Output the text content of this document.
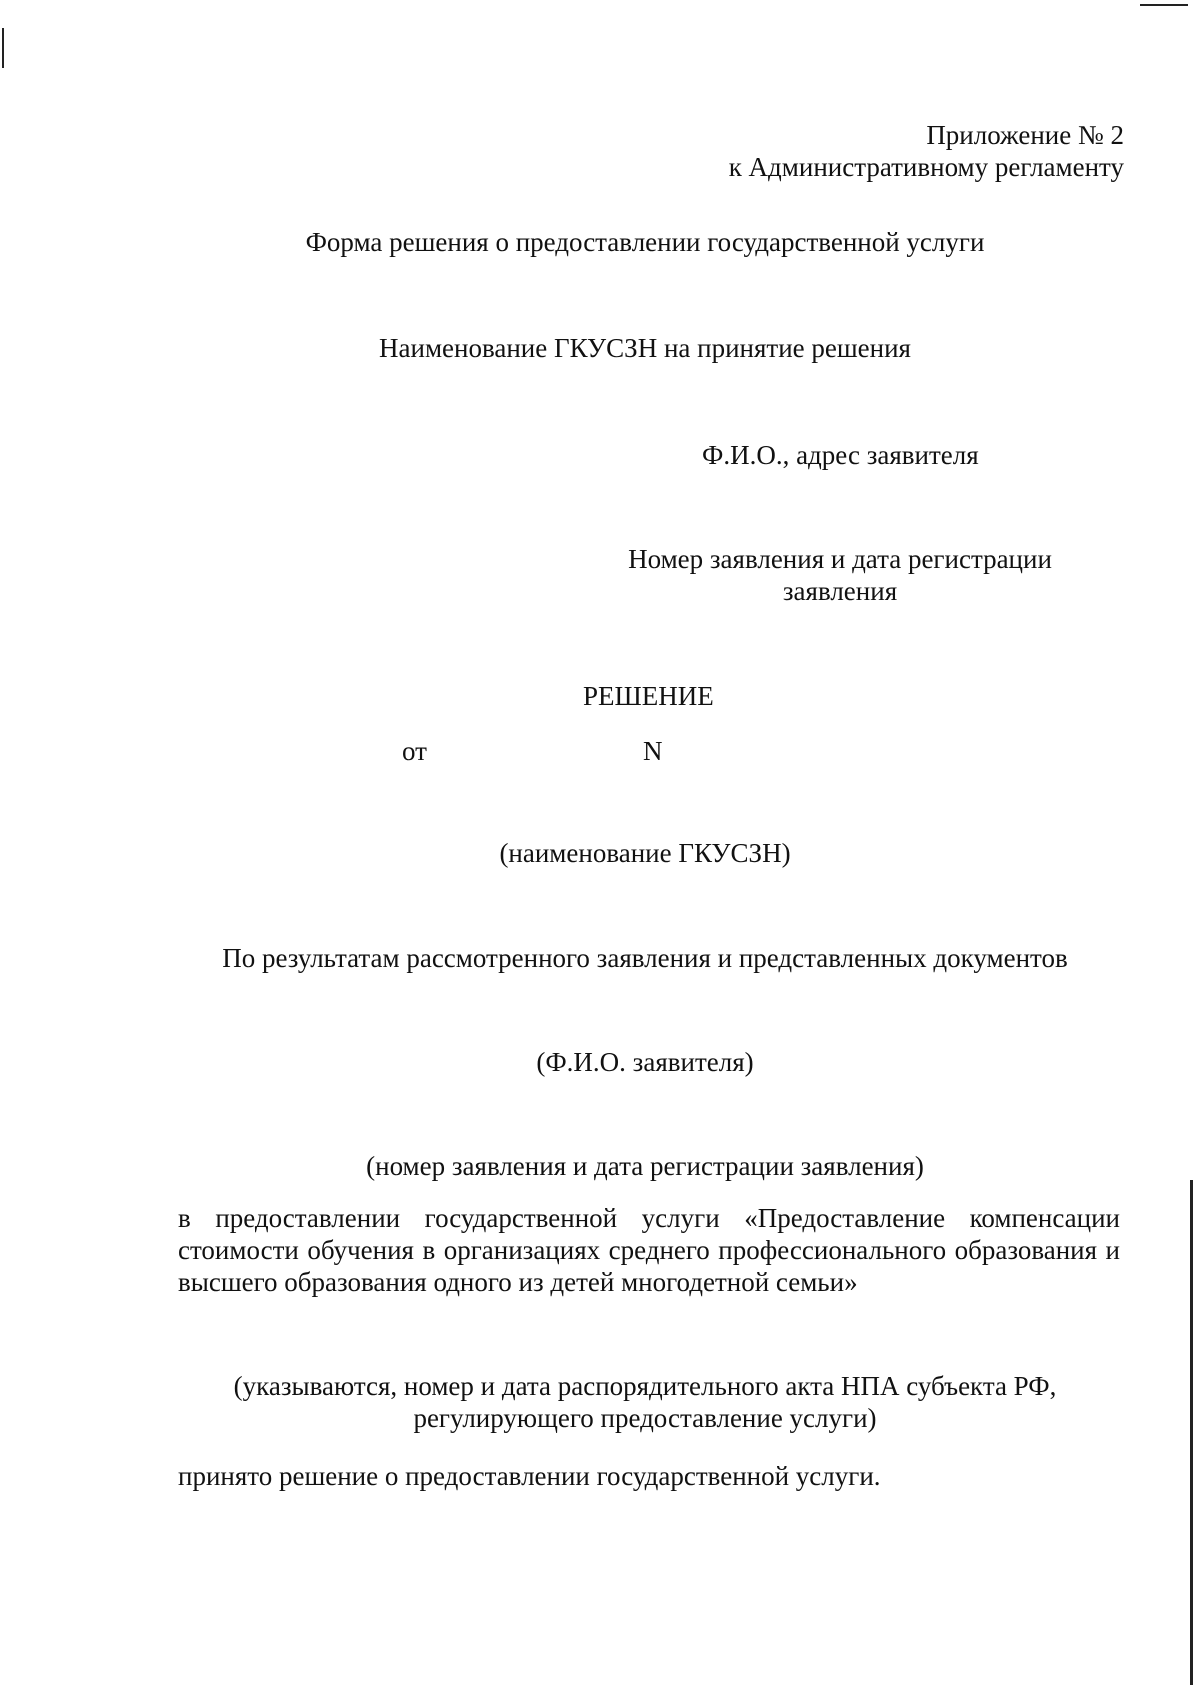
Приложение № 2
к Административному регламенту
Форма решения о предоставлении государственной услуги
Наименование ГКУСЗН на принятие решения
Ф.И.О., адрес заявителя
Номер заявления и дата регистрации
заявления
РЕШЕНИЕ
от	N
(наименование ГКУСЗН)
По результатам рассмотренного заявления и представленных документов
(Ф.И.О. заявителя)
(номер заявления и дата регистрации заявления)
в предоставлении государственной услуги «Предоставление компенсации стоимости обучения в организациях среднего профессионального образования и высшего образования одного из детей многодетной семьи»
(указываются, номер и дата распорядительного акта НПА субъекта РФ,
регулирующего предоставление услуги)
принято решение о предоставлении государственной услуги.
